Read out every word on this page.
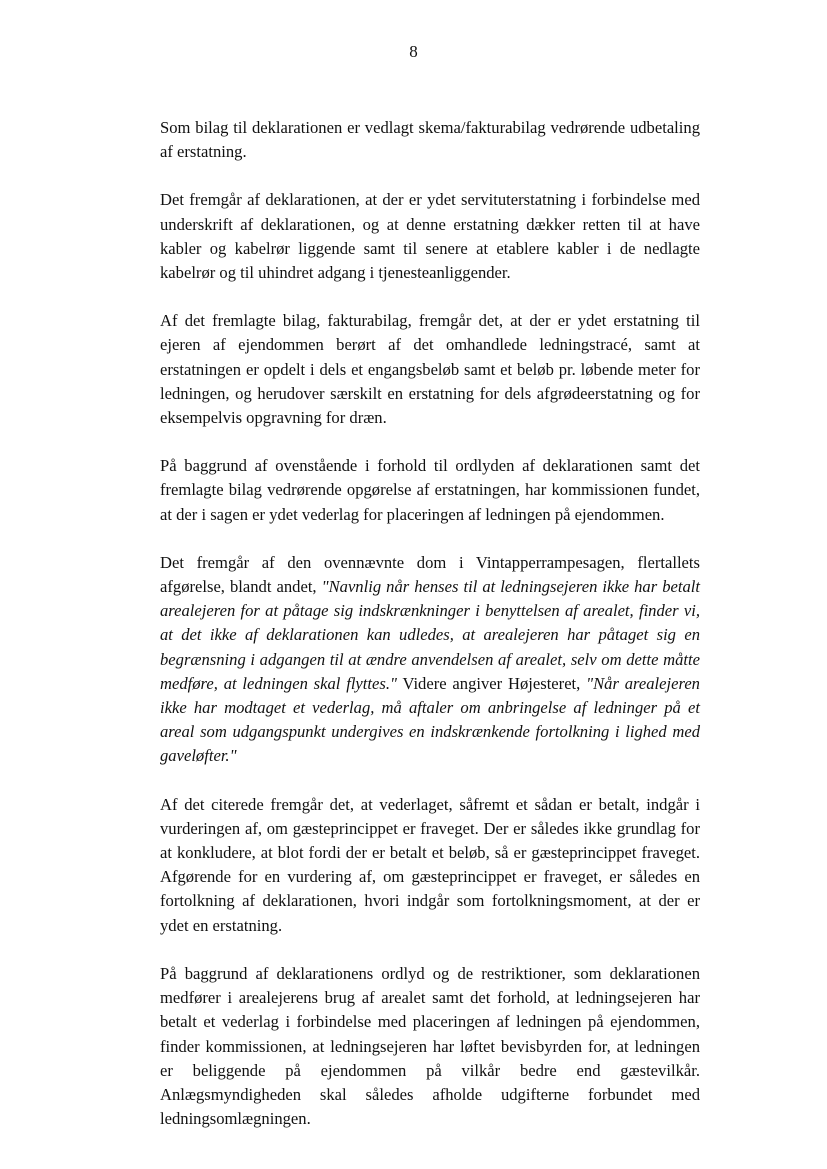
8

Som bilag til deklarationen er vedlagt skema/fakturabilag vedrørende udbetaling af erstatning.

Det fremgår af deklarationen, at der er ydet servituterstatning i forbindelse med underskrift af deklarationen, og at denne erstatning dækker retten til at have kabler og kabelrør liggende samt til senere at etablere kabler i de nedlagte kabelrør og til uhindret adgang i tjenesteanliggender.

Af det fremlagte bilag, fakturabilag, fremgår det, at der er ydet erstatning til ejeren af ejendommen berørt af det omhandlede ledningstracé, samt at erstatningen er opdelt i dels et engangsbeløb samt et beløb pr. løbende meter for ledningen, og herudover særskilt en erstatning for dels afgrødeerstatning og for eksempelvis opgravning for dræn.

På baggrund af ovenstående i forhold til ordlyden af deklarationen samt det fremlagte bilag vedrørende opgørelse af erstatningen, har kommissionen fundet, at der i sagen er ydet vederlag for placeringen af ledningen på ejendommen.

Det fremgår af den ovennævnte dom i Vintapperrampesagen, flertallets afgørelse, blandt andet, "Navnlig når henses til at ledningsejeren ikke har betalt arealejeren for at påtage sig indskrænkninger i benyttelsen af arealet, finder vi, at det ikke af deklarationen kan udledes, at arealejeren har påtaget sig en begrænsning i adgangen til at ændre anvendelsen af arealet, selv om dette måtte medføre, at ledningen skal flyttes." Videre angiver Højesteret, "Når arealejeren ikke har modtaget et vederlag, må aftaler om anbringelse af ledninger på et areal som udgangspunkt undergives en indskrænkende fortolkning i lighed med gaveløfter."

Af det citerede fremgår det, at vederlaget, såfremt et sådan er betalt, indgår i vurderingen af, om gæsteprincippet er fraveget. Der er således ikke grundlag for at konkludere, at blot fordi der er betalt et beløb, så er gæsteprincippet fraveget. Afgørende for en vurdering af, om gæsteprincippet er fraveget, er således en fortolkning af deklarationen, hvori indgår som fortolkningsmoment, at der er ydet en erstatning.

På baggrund af deklarationens ordlyd og de restriktioner, som deklarationen medfører i arealejerens brug af arealet samt det forhold, at ledningsejeren har betalt et vederlag i forbindelse med placeringen af ledningen på ejendommen, finder kommissionen, at ledningsejeren har løftet bevisbyrden for, at ledningen er beliggende på ejendommen på vilkår bedre end gæstevilkår. Anlægsmyndigheden skal således afholde udgifterne forbundet med ledningsomlægningen.
